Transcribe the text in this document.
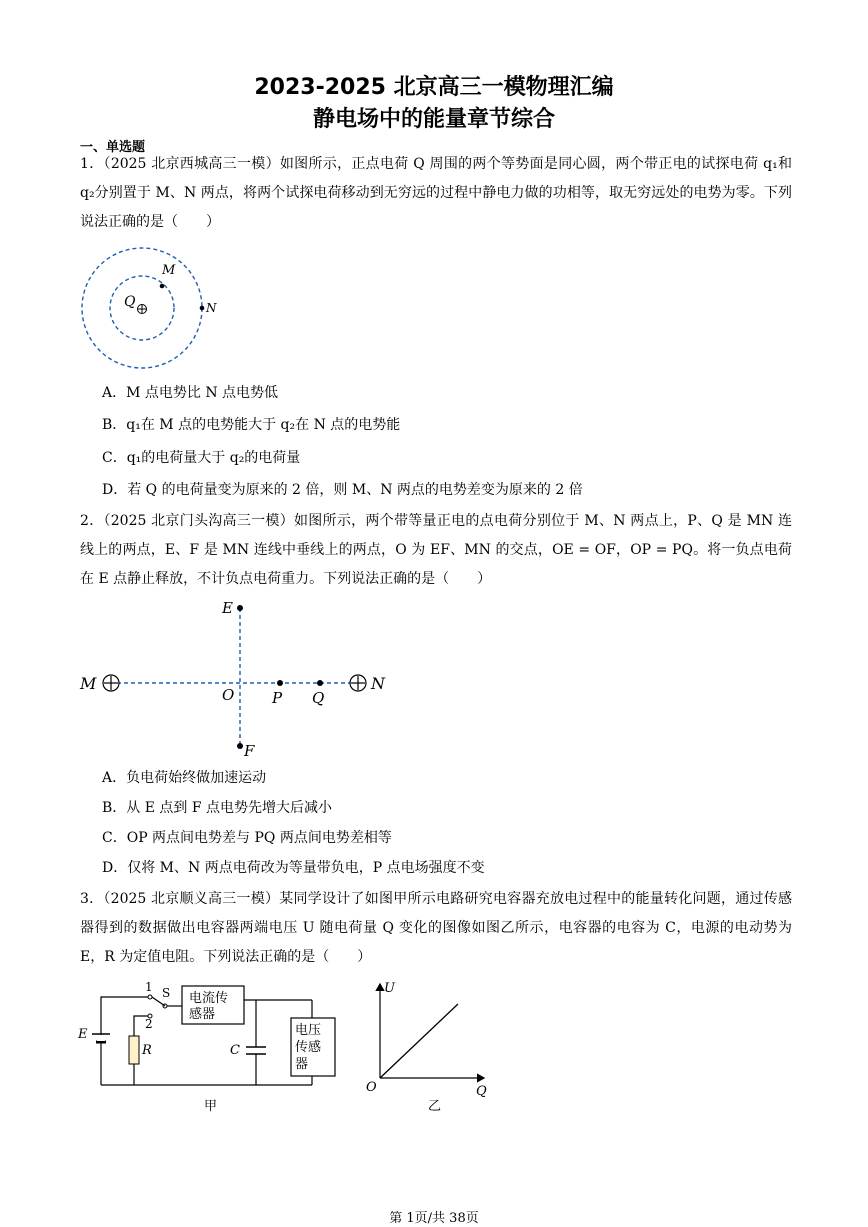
2023-2025 北京高三一模物理汇编
静电场中的能量章节综合
一、单选题
1．（2025 北京西城高三一模）如图所示，正点电荷 Q 周围的两个等势面是同心圆，两个带正电的试探电荷 q₁和 q₂分别置于 M、N 两点，将两个试探电荷移动到无穷远的过程中静电力做的功相等，取无穷远处的电势为零。下列说法正确的是（　　）
Q
M
N
A．M 点电势比 N 点电势低
B．q₁在 M 点的电势能大于 q₂在 N 点的电势能
C．q₁的电荷量大于 q₂的电荷量
D．若 Q 的电荷量变为原来的 2 倍，则 M、N 两点的电势差变为原来的 2 倍
2．（2025 北京门头沟高三一模）如图所示，两个带等量正电的点电荷分别位于 M、N 两点上，P、Q 是 MN 连线上的两点，E、F 是 MN 连线中垂线上的两点，O 为 EF、MN 的交点，OE = OF，OP = PQ。将一负点电荷在 E 点静止释放，不计负点电荷重力。下列说法正确的是（　　）
E
F
M	N
O	P Q
A．负电荷始终做加速运动
B．从 E 点到 F 点电势先增大后减小
C．OP 两点间电势差与 PQ 两点间电势差相等
D．仅将 M、N 两点电荷改为等量带负电，P 点电场强度不变
3．（2025 北京顺义高三一模）某同学设计了如图甲所示电路研究电容器充放电过程中的能量转化问题，通过传感器得到的数据做出电容器两端电压 U 随电荷量 Q 变化的图像如图乙所示，电容器的电容为 C，电源的电动势为 E，R 为定值电阻。下列说法正确的是（　　）
1
2
S
E
R	C
电流传
感器
电压
传感
器
甲
U
O	Q
乙
第 1页/共 38页
